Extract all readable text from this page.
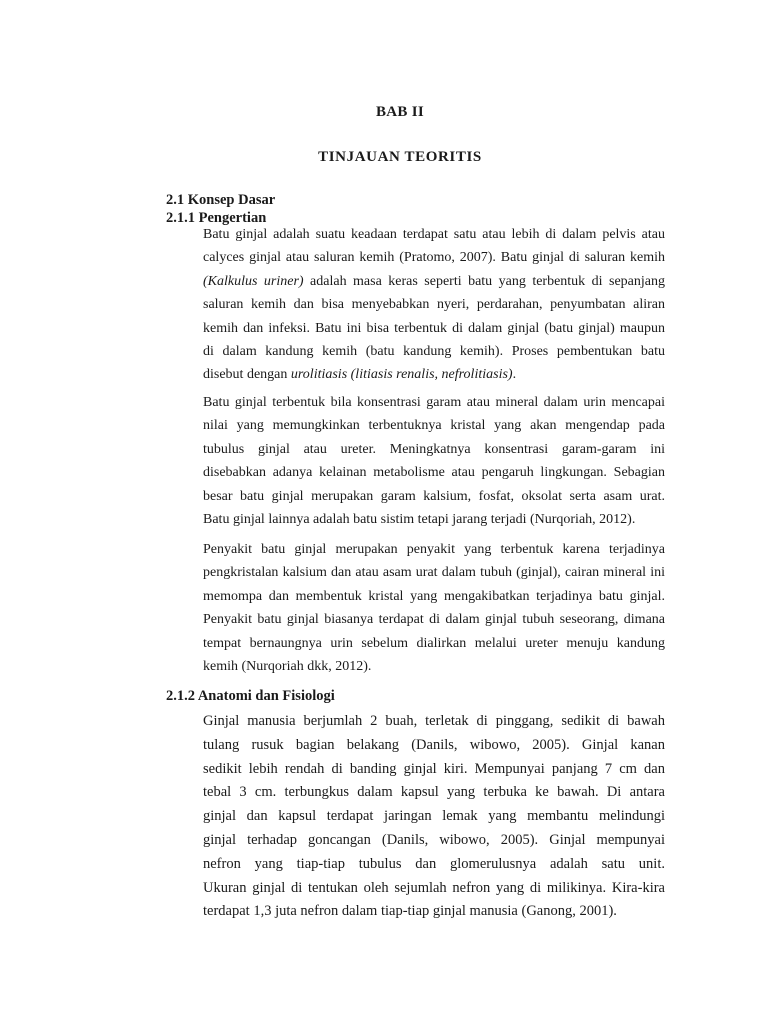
BAB II
TINJAUAN TEORITIS
2.1 Konsep Dasar
2.1.1 Pengertian
Batu ginjal adalah suatu keadaan terdapat satu atau lebih di dalam pelvis atau
calyces ginjal atau saluran kemih (Pratomo, 2007). Batu ginjal di saluran kemih
(Kalkulus uriner) adalah masa keras seperti batu yang terbentuk di sepanjang
saluran kemih dan bisa menyebabkan nyeri, perdarahan, penyumbatan aliran
kemih dan infeksi. Batu ini bisa terbentuk di dalam ginjal (batu ginjal) maupun
di dalam kandung kemih (batu kandung kemih). Proses pembentukan batu
disebut dengan urolitiasis (litiasis renalis, nefrolitiasis).
Batu ginjal terbentuk bila konsentrasi garam atau mineral dalam urin mencapai
nilai yang memungkinkan terbentuknya kristal yang akan mengendap pada
tubulus ginjal atau ureter. Meningkatnya konsentrasi garam-garam ini
disebabkan adanya kelainan metabolisme atau pengaruh lingkungan. Sebagian
besar batu ginjal merupakan garam kalsium, fosfat, oksolat serta asam urat.
Batu ginjal lainnya adalah batu sistim tetapi jarang terjadi (Nurqoriah, 2012).
Penyakit batu ginjal merupakan penyakit yang terbentuk karena terjadinya
pengkristalan kalsium dan atau asam urat dalam tubuh (ginjal), cairan mineral ini
memompa dan membentuk kristal yang mengakibatkan terjadinya batu ginjal.
Penyakit batu ginjal biasanya terdapat di dalam ginjal tubuh seseorang, dimana
tempat bernaungnya urin sebelum dialirkan melalui ureter menuju kandung
kemih (Nurqoriah dkk, 2012).
2.1.2 Anatomi dan Fisiologi
Ginjal manusia berjumlah 2 buah, terletak di pinggang, sedikit di bawah
tulang rusuk bagian belakang (Danils, wibowo, 2005). Ginjal kanan
sedikit lebih rendah di banding ginjal kiri. Mempunyai panjang 7 cm dan
tebal 3 cm. terbungkus dalam kapsul yang terbuka ke bawah. Di antara
ginjal dan kapsul terdapat jaringan lemak yang membantu melindungi
ginjal terhadap goncangan (Danils, wibowo, 2005). Ginjal mempunyai
nefron yang tiap-tiap tubulus dan glomerulusnya adalah satu unit.
Ukuran ginjal di tentukan oleh sejumlah nefron yang di milikinya. Kira-kira
terdapat 1,3 juta nefron dalam tiap-tiap ginjal manusia (Ganong, 2001).
